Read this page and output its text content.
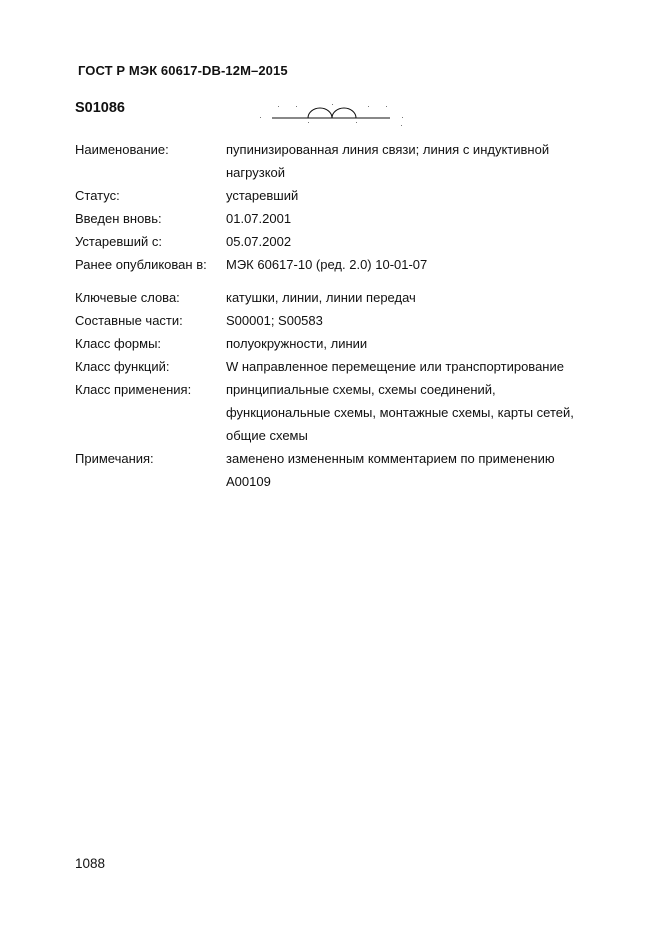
ГОСТ Р МЭК 60617-DB-12M–2015
S01086
Наименование:	пупинизированная линия связи; линия с индуктивной нагрузкой
Статус:	устаревший
Введен вновь:	01.07.2001
Устаревший с:	05.07.2002
Ранее опубликован в:	МЭК 60617-10 (ред. 2.0) 10-01-07
Ключевые слова:	катушки, линии, линии передач
Составные части:	S00001; S00583
Класс формы:	полуокружности, линии
Класс функций:	W направленное перемещение или транспортирование
Класс применения:	принципиальные схемы, схемы соединений, функциональные схемы, монтажные схемы, карты сетей, общие схемы
Примечания:	заменено измененным комментарием по применению A00109
1088
